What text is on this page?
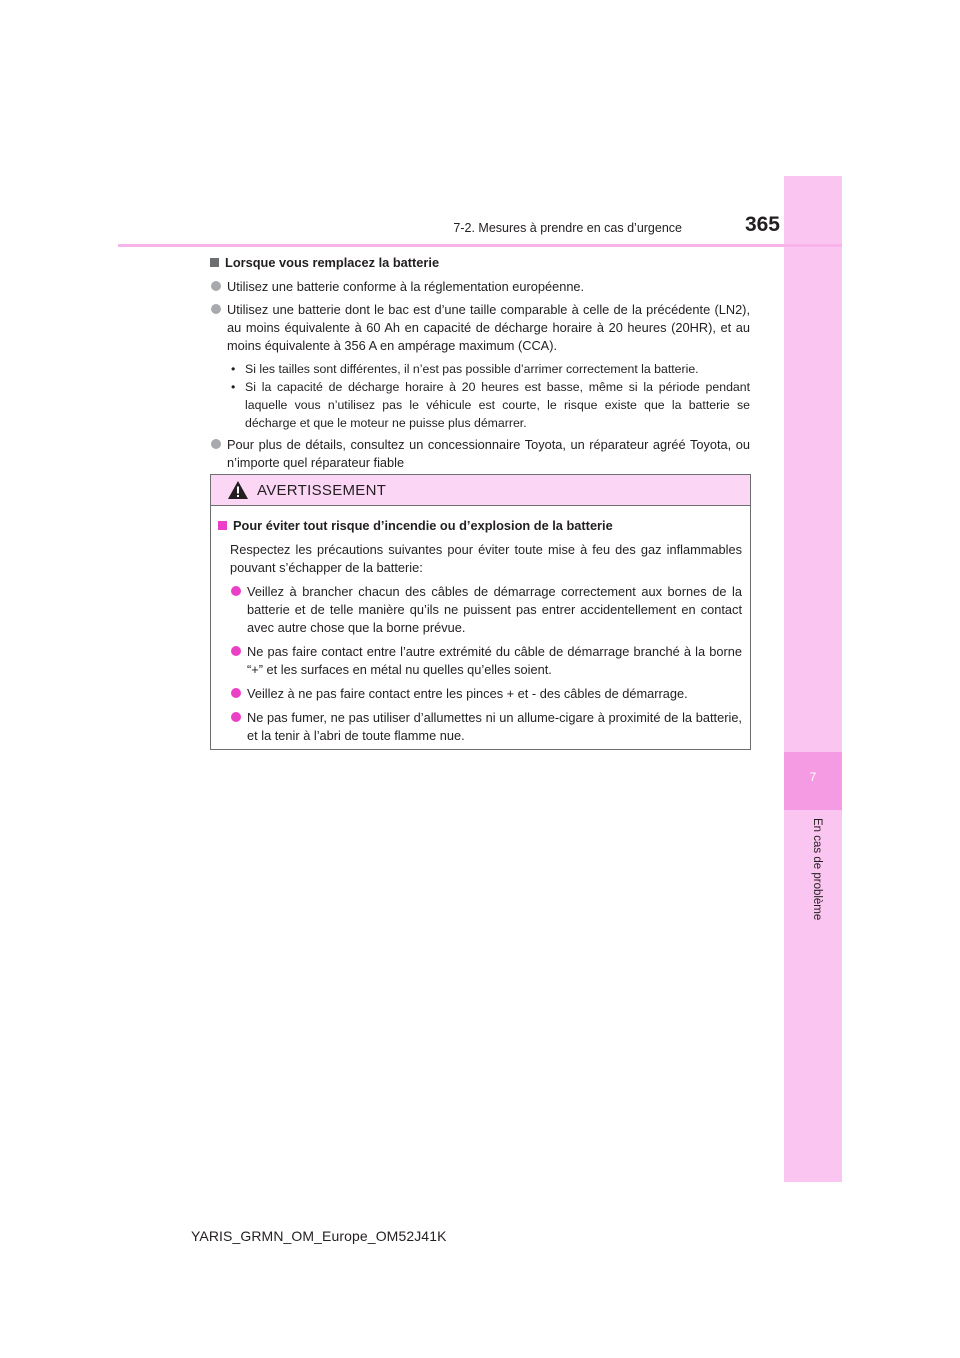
7
En cas de problème
7-2. Mesures à prendre en cas d’urgence	365
Lorsque vous remplacez la batterie
Utilisez une batterie conforme à la réglementation européenne.
Utilisez une batterie dont le bac est d’une taille comparable à celle de la précédente (LN2), au moins équivalente à 60 Ah en capacité de décharge horaire à 20 heures (20HR), et au moins équivalente à 356 A en ampérage maximum (CCA).
• Si les tailles sont différentes, il n’est pas possible d’arrimer correctement la batterie.
• Si la capacité de décharge horaire à 20 heures est basse, même si la période pendant laquelle vous n’utilisez pas le véhicule est courte, le risque existe que la batterie se décharge et que le moteur ne puisse plus démarrer.
Pour plus de détails, consultez un concessionnaire Toyota, un réparateur agréé Toyota, ou n’importe quel réparateur fiable
AVERTISSEMENT
Pour éviter tout risque d’incendie ou d’explosion de la batterie
Respectez les précautions suivantes pour éviter toute mise à feu des gaz inflammables pouvant s’échapper de la batterie:
Veillez à brancher chacun des câbles de démarrage correctement aux bornes de la batterie et de telle manière qu’ils ne puissent pas entrer accidentellement en contact avec autre chose que la borne prévue.
Ne pas faire contact entre l’autre extrémité du câble de démarrage branché à la borne “+” et les surfaces en métal nu quelles qu’elles soient.
Veillez à ne pas faire contact entre les pinces + et - des câbles de démarrage.
Ne pas fumer, ne pas utiliser d’allumettes ni un allume-cigare à proximité de la batterie, et la tenir à l’abri de toute flamme nue.
YARIS_GRMN_OM_Europe_OM52J41K
